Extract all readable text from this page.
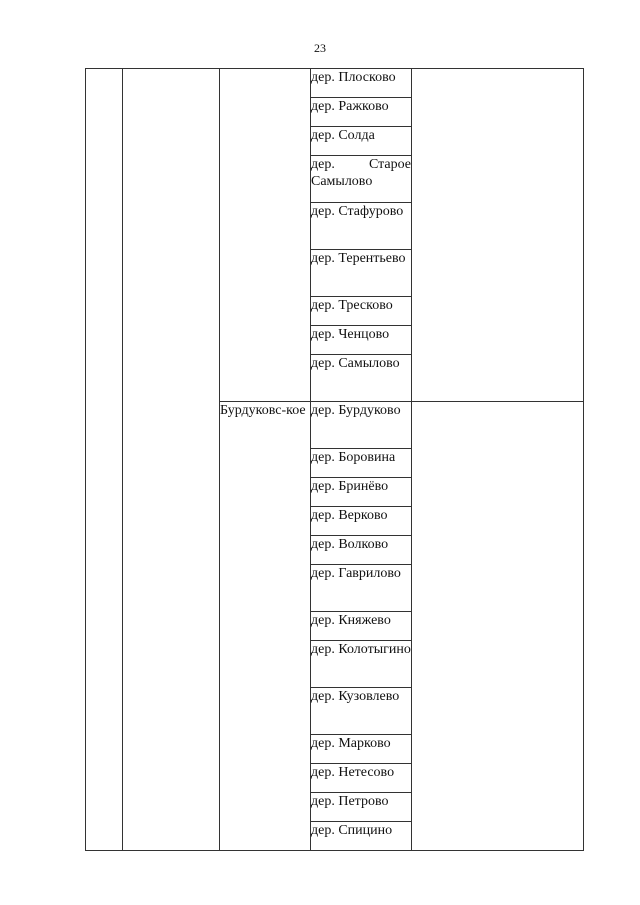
23

			дер. Плосково	

			дер. Ражково	

			дер. Солда	

			дер. Старое Самылово	

			дер. Стафурово	

			дер. Терентьево	

			дер. Тресково	

			дер. Ченцово	

			дер. Самылово	

		Бурдуковс-кое	дер. Бурдуково	

			дер. Боровина	

			дер. Бринёво	

			дер. Верково	

			дер. Волково	

			дер. Гаврилово	

			дер. Княжево	

			дер. Колотыгино	

			дер. Кузовлево	

			дер. Марково	

			дер. Нетесово	

			дер. Петрово	

			дер. Спицино	
